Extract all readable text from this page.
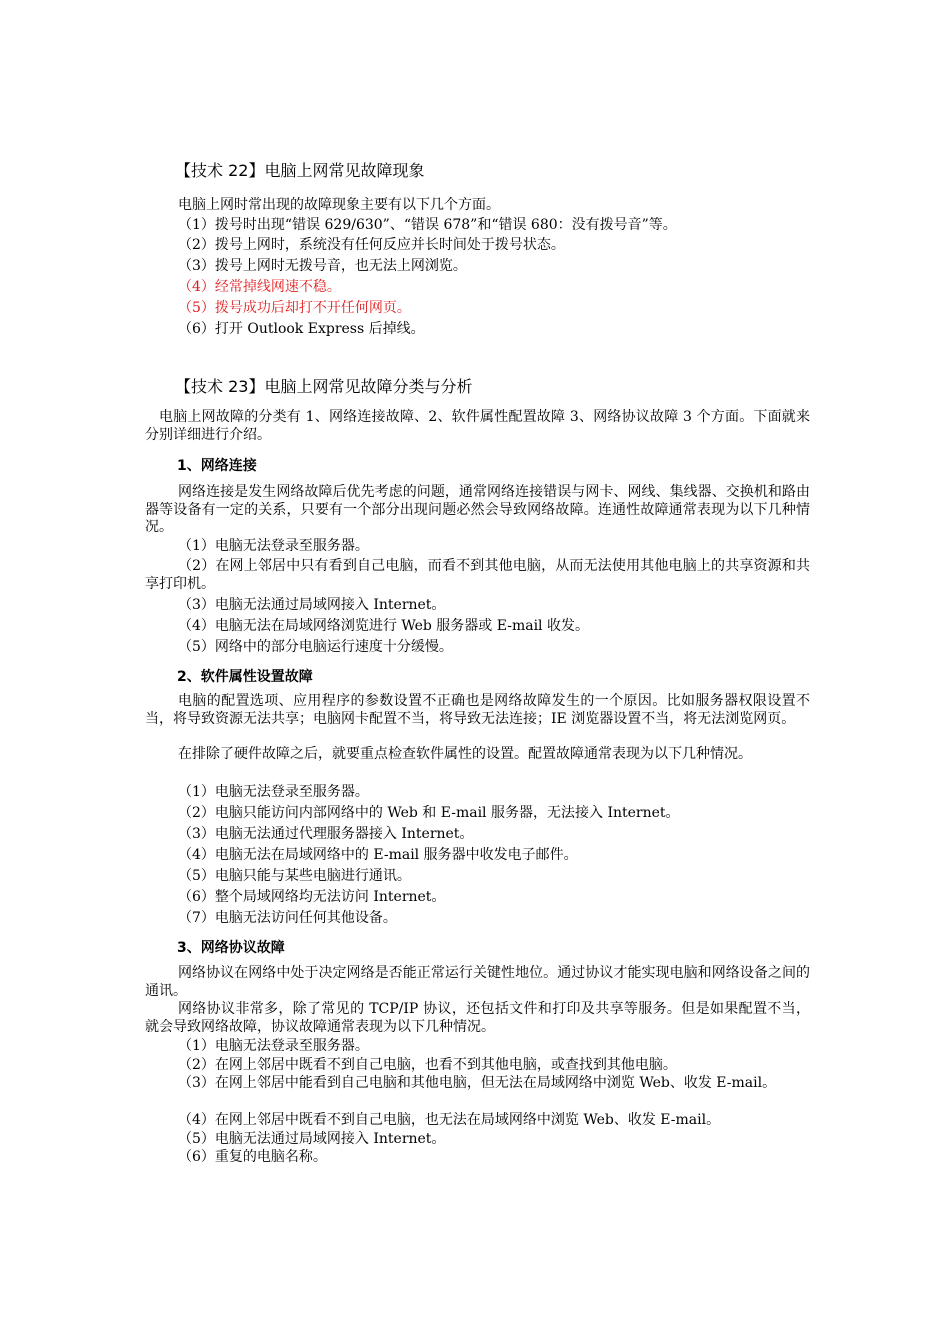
【技术 22】电脑上网常见故障现象
电脑上网时常出现的故障现象主要有以下几个方面。
（1）拨号时出现“错误 629/630”、“错误 678”和“错误 680：没有拨号音”等。
（2）拨号上网时，系统没有任何反应并长时间处于拨号状态。
（3）拨号上网时无拨号音，也无法上网浏览。
（4）经常掉线网速不稳。
（5）拨号成功后却打不开任何网页。
（6）打开 Outlook Express 后掉线。
【技术 23】电脑上网常见故障分类与分析
电脑上网故障的分类有 1、网络连接故障、2、软件属性配置故障 3、网络协议故障 3 个方面。下面就来分别详细进行介绍。
1、网络连接
网络连接是发生网络故障后优先考虑的问题，通常网络连接错误与网卡、网线、集线器、交换机和路由器等设备有一定的关系，只要有一个部分出现问题必然会导致网络故障。连通性故障通常表现为以下几种情况。
（1）电脑无法登录至服务器。
（2）在网上邻居中只有看到自己电脑，而看不到其他电脑，从而无法使用其他电脑上的共享资源和共享打印机。
（3）电脑无法通过局域网接入 Internet。
（4）电脑无法在局域网络浏览进行 Web 服务器或 E-mail 收发。
（5）网络中的部分电脑运行速度十分缓慢。
2、软件属性设置故障
电脑的配置选项、应用程序的参数设置不正确也是网络故障发生的一个原因。比如服务器权限设置不当，将导致资源无法共享；电脑网卡配置不当，将导致无法连接；IE 浏览器设置不当，将无法浏览网页。
在排除了硬件故障之后，就要重点检查软件属性的设置。配置故障通常表现为以下几种情况。
（1）电脑无法登录至服务器。
（2）电脑只能访问内部网络中的 Web 和 E-mail 服务器，无法接入 Internet。
（3）电脑无法通过代理服务器接入 Internet。
（4）电脑无法在局域网络中的 E-mail 服务器中收发电子邮件。
（5）电脑只能与某些电脑进行通讯。
（6）整个局域网络均无法访问 Internet。
（7）电脑无法访问任何其他设备。
3、网络协议故障
网络协议在网络中处于决定网络是否能正常运行关键性地位。通过协议才能实现电脑和网络设备之间的通讯。
网络协议非常多，除了常见的 TCP/IP 协议，还包括文件和打印及共享等服务。但是如果配置不当，就会导致网络故障，协议故障通常表现为以下几种情况。
（1）电脑无法登录至服务器。
（2）在网上邻居中既看不到自己电脑，也看不到其他电脑，或查找到其他电脑。
（3）在网上邻居中能看到自己电脑和其他电脑，但无法在局域网络中浏览 Web、收发 E-mail。
（4）在网上邻居中既看不到自己电脑，也无法在局域网络中浏览 Web、收发 E-mail。
（5）电脑无法通过局域网接入 Internet。
（6）重复的电脑名称。
